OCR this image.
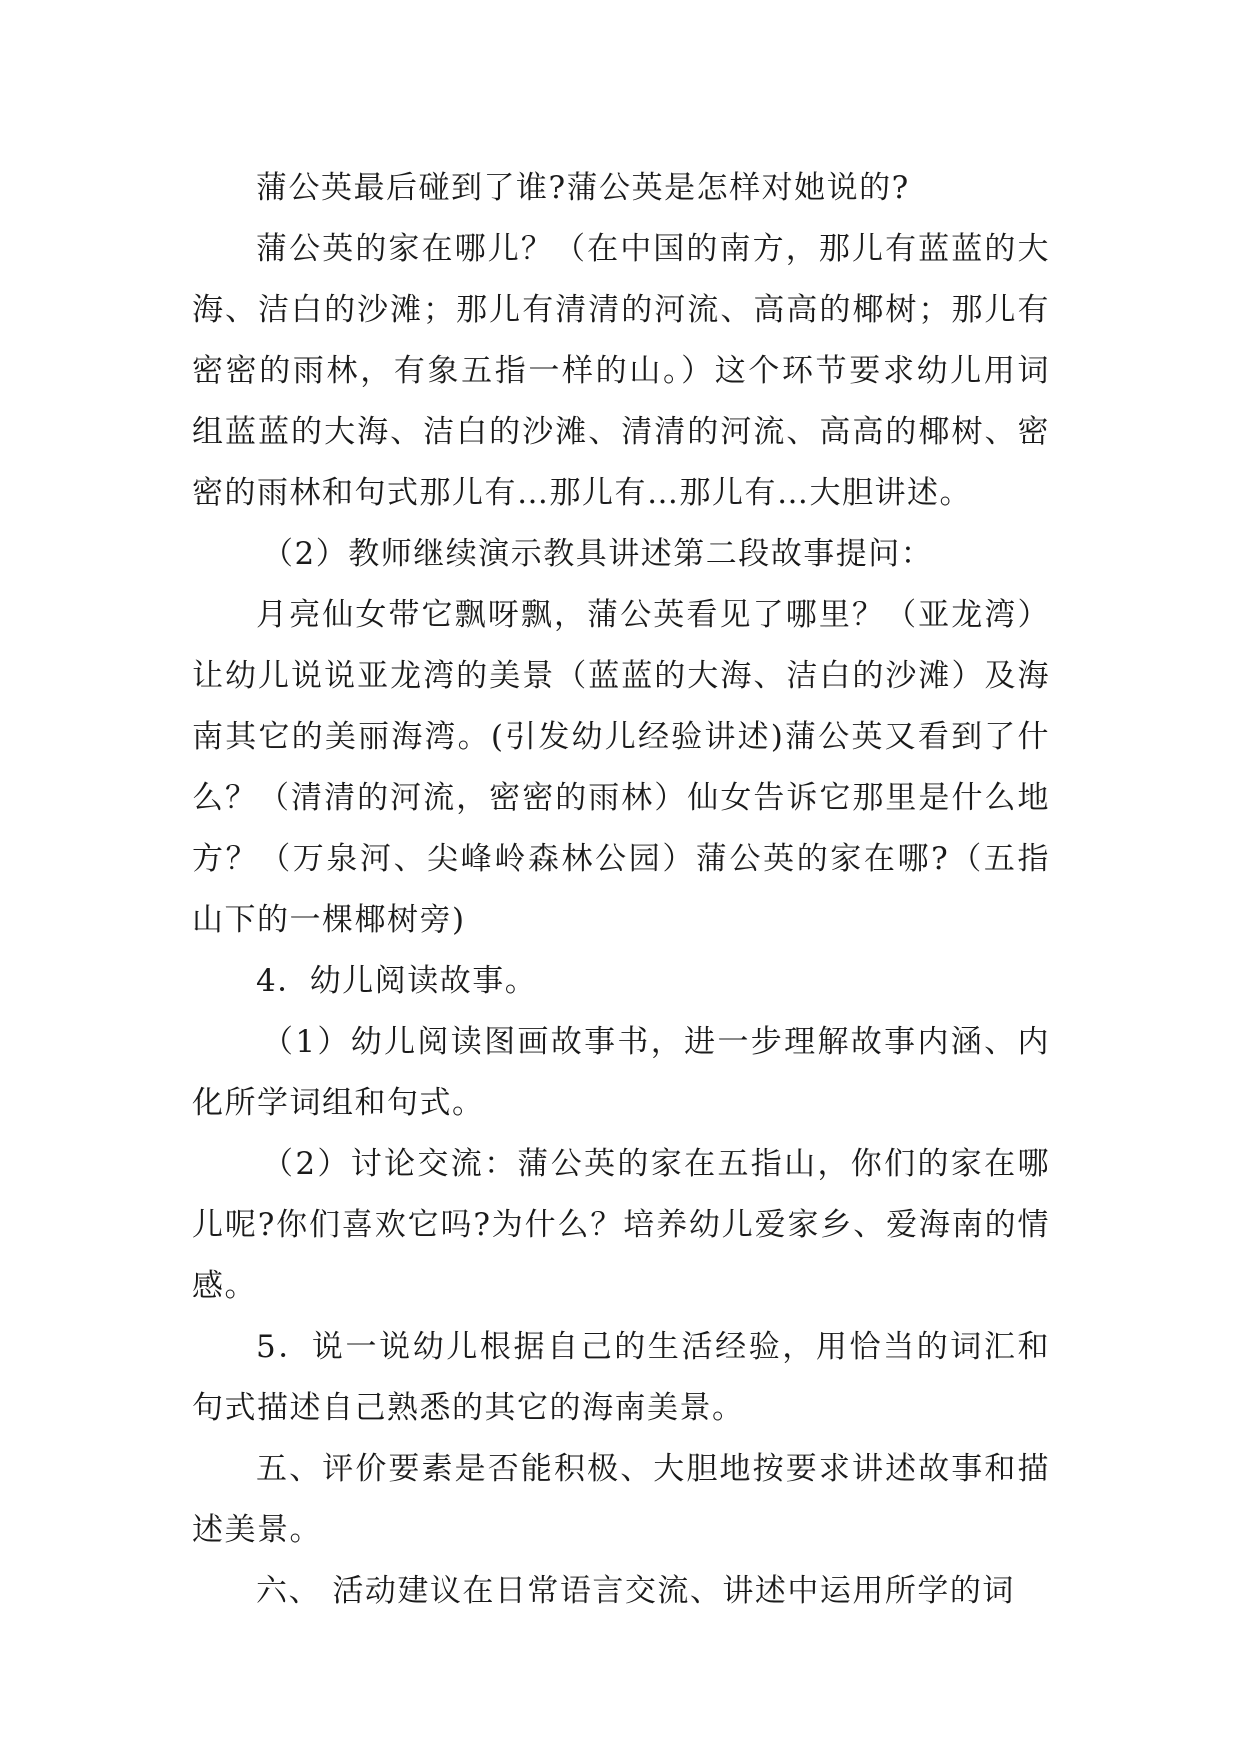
蒲公英最后碰到了谁?蒲公英是怎样对她说的?

蒲公英的家在哪儿？（在中国的南方，那儿有蓝蓝的大海、洁白的沙滩；那儿有清清的河流、高高的椰树；那儿有密密的雨林，有象五指一样的山。）这个环节要求幼儿用词组蓝蓝的大海、洁白的沙滩、清清的河流、高高的椰树、密密的雨林和句式那儿有…那儿有…那儿有…大胆讲述。

（2）教师继续演示教具讲述第二段故事提问：

月亮仙女带它飘呀飘，蒲公英看见了哪里？（亚龙湾）让幼儿说说亚龙湾的美景（蓝蓝的大海、洁白的沙滩）及海南其它的美丽海湾。(引发幼儿经验讲述)蒲公英又看到了什么？（清清的河流，密密的雨林）仙女告诉它那里是什么地方？（万泉河、尖峰岭森林公园）蒲公英的家在哪?（五指山下的一棵椰树旁)

4．幼儿阅读故事。

（1）幼儿阅读图画故事书，进一步理解故事内涵、内化所学词组和句式。

（2）讨论交流：蒲公英的家在五指山，你们的家在哪儿呢?你们喜欢它吗?为什么？培养幼儿爱家乡、爱海南的情感。

5．说一说幼儿根据自己的生活经验，用恰当的词汇和句式描述自己熟悉的其它的海南美景。

五、评价要素是否能积极、大胆地按要求讲述故事和描述美景。

六、 活动建议在日常语言交流、讲述中运用所学的词
